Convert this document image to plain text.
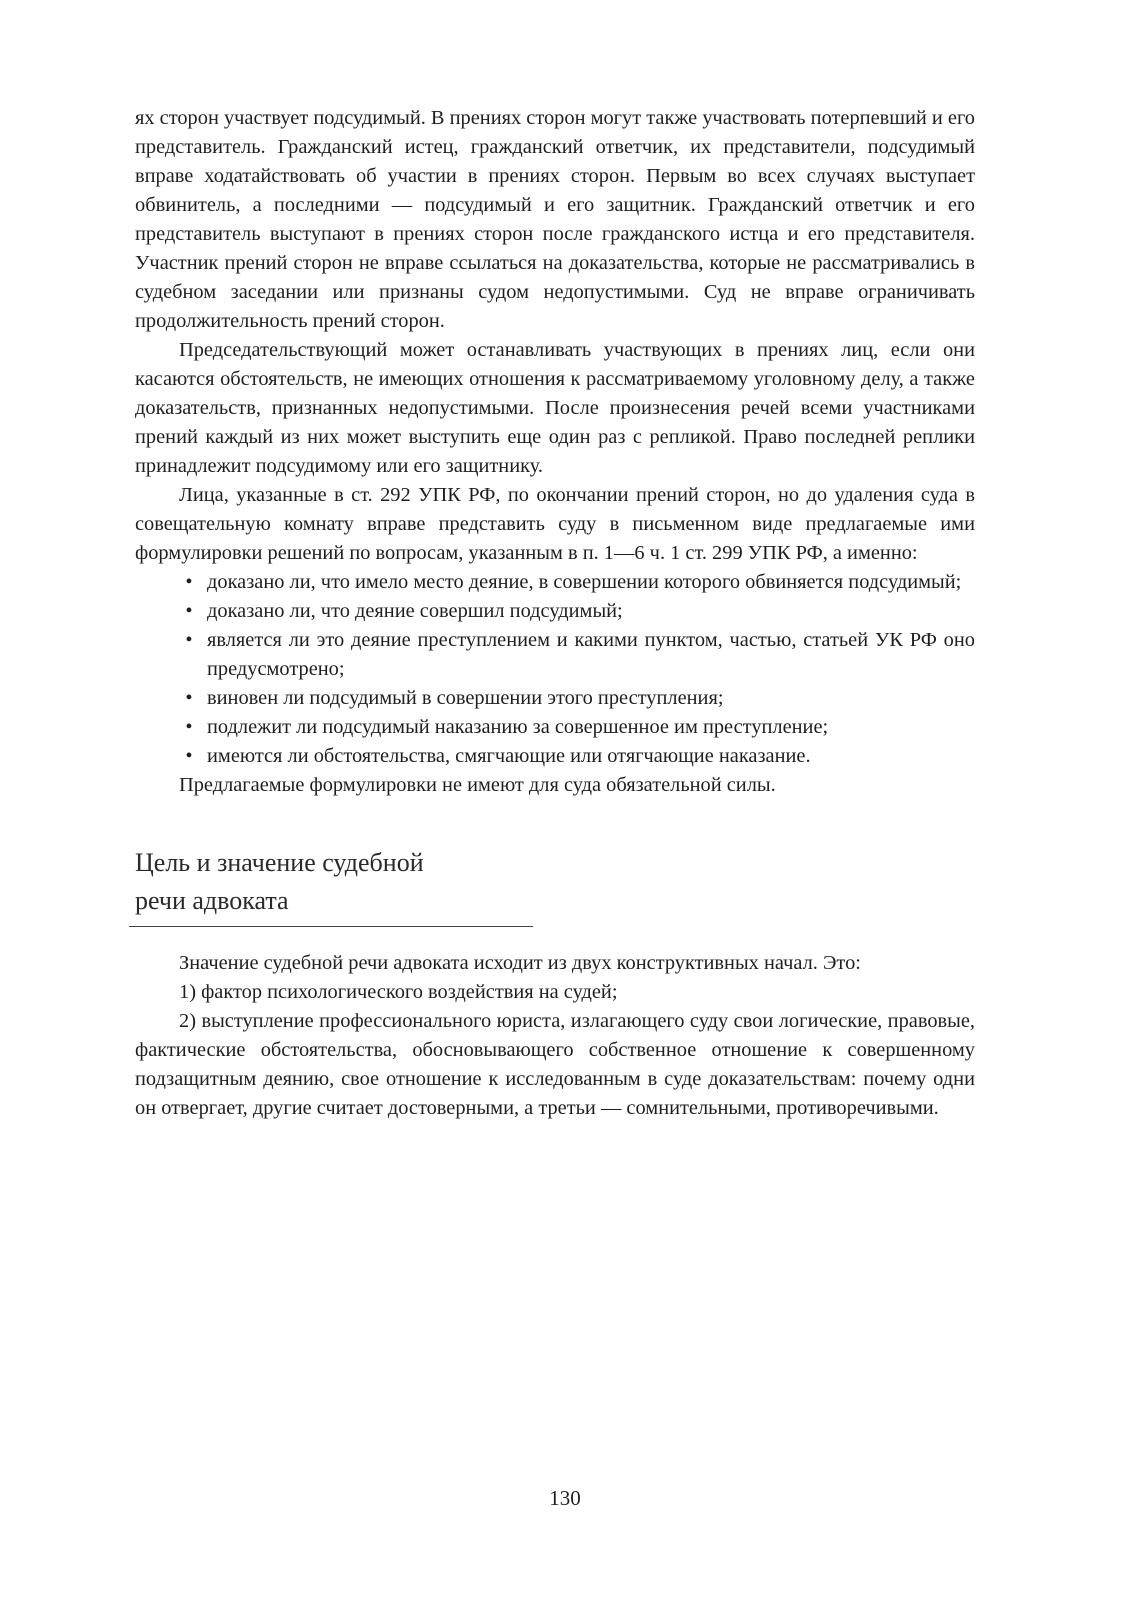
ях сторон участвует подсудимый. В прениях сторон могут также участвовать потерпевший и его представитель. Гражданский истец, гражданский ответчик, их представители, подсудимый вправе ходатайствовать об участии в прениях сторон. Первым во всех случаях выступает обвинитель, а последними — подсудимый и его защитник. Гражданский ответчик и его представитель выступают в прениях сторон после гражданского истца и его представителя. Участник прений сторон не вправе ссылаться на доказательства, которые не рассматривались в судебном заседании или признаны судом недопустимыми. Суд не вправе ограничивать продолжительность прений сторон.

Председательствующий может останавливать участвующих в прениях лиц, если они касаются обстоятельств, не имеющих отношения к рассматриваемому уголовному делу, а также доказательств, признанных недопустимыми. После произнесения речей всеми участниками прений каждый из них может выступить еще один раз с репликой. Право последней реплики принадлежит подсудимому или его защитнику.

Лица, указанные в ст. 292 УПК РФ, по окончании прений сторон, но до удаления суда в совещательную комнату вправе представить суду в письменном виде предлагаемые ими формулировки решений по вопросам, указанным в п. 1—6 ч. 1 ст. 299 УПК РФ, а именно:

• доказано ли, что имело место деяние, в совершении которого обвиняется подсудимый;
• доказано ли, что деяние совершил подсудимый;
• является ли это деяние преступлением и какими пунктом, частью, статьей УК РФ оно предусмотрено;
• виновен ли подсудимый в совершении этого преступления;
• подлежит ли подсудимый наказанию за совершенное им преступление;
• имеются ли обстоятельства, смягчающие или отягчающие наказание.

Предлагаемые формулировки не имеют для суда обязательной силы.

Цель и значение судебной
речи адвоката

Значение судебной речи адвоката исходит из двух конструктивных начал. Это:

1) фактор психологического воздействия на судей;

2) выступление профессионального юриста, излагающего суду свои логические, правовые, фактические обстоятельства, обосновывающего собственное отношение к совершенному подзащитным деянию, свое отношение к исследованным в суде доказательствам: почему одни он отвергает, другие считает достоверными, а третьи — сомнительными, противоречивыми.

130
